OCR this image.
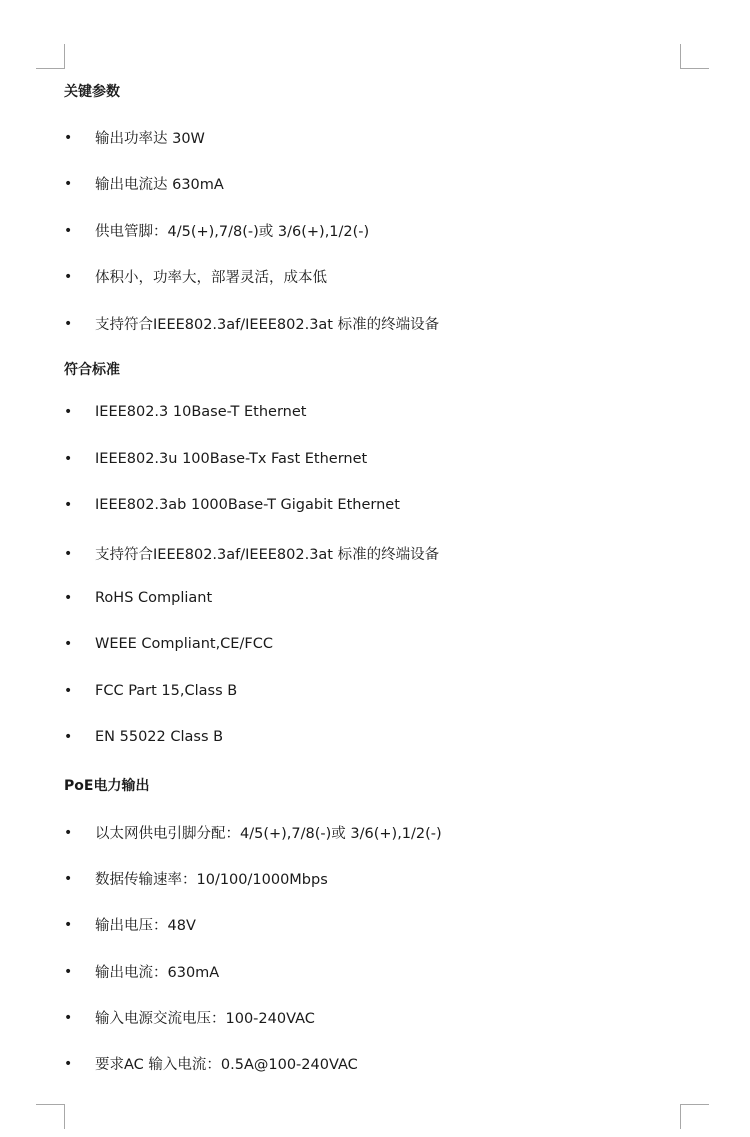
关键参数
•	输出功率达 30W
•	输出电流达 630mA
•	供电管脚：4/5(+),7/8(-)或 3/6(+),1/2(-)
•	体积小，功率大，部署灵活，成本低
•	支持符合IEEE802.3af/IEEE802.3at 标准的终端设备
符合标准
•	IEEE802.3 10Base-T Ethernet
•	IEEE802.3u 100Base-Tx Fast Ethernet
•	IEEE802.3ab 1000Base-T Gigabit Ethernet
•	支持符合IEEE802.3af/IEEE802.3at 标准的终端设备
•	RoHS Compliant
•	WEEE Compliant,CE/FCC
•	FCC Part 15,Class B
•	EN 55022 Class B
PoE电力输出
•	以太网供电引脚分配：4/5(+),7/8(-)或 3/6(+),1/2(-)
•	数据传输速率：10/100/1000Mbps
•	输出电压：48V
•	输出电流：630mA
•	输入电源交流电压：100-240VAC
•	要求AC 输入电流：0.5A@100-240VAC
